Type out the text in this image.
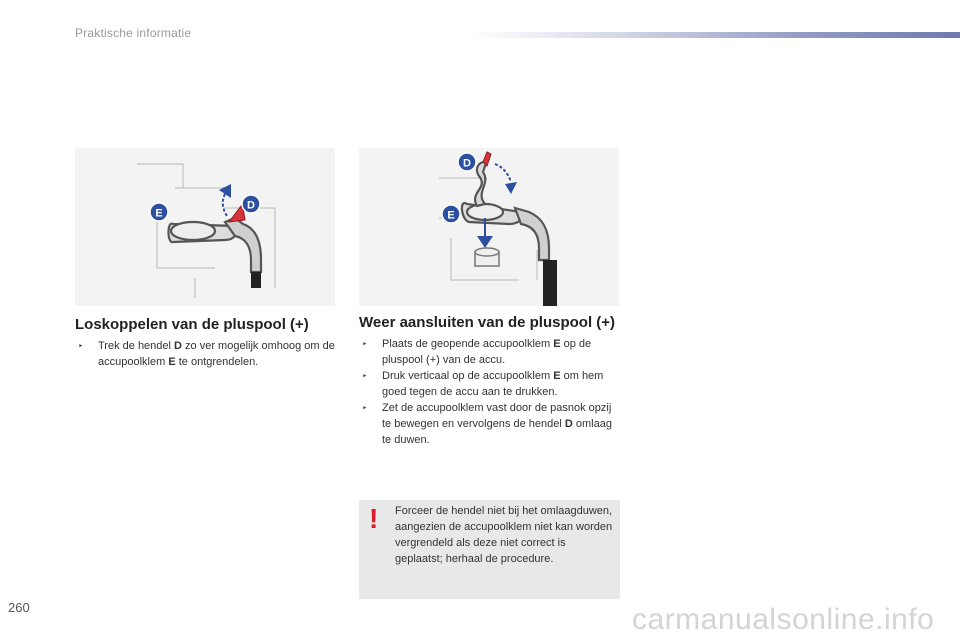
Praktische informatie
E
D
D
E
Loskoppelen van de pluspool (+)	Weer aansluiten van de pluspool (+)
‣ Trek de hendel D zo ver mogelijk omhoog om de accupoolklem E te ontgrendelen.
‣ Plaats de geopende accupoolklem E op de pluspool (+) van de accu.
‣ Druk verticaal op de accupoolklem E om hem goed tegen de accu aan te drukken.
‣ Zet de accupoolklem vast door de pasnok opzij te bewegen en vervolgens de hendel D omlaag te duwen.
! Forceer de hendel niet bij het omlaagduwen, aangezien de accupoolklem niet kan worden vergrendeld als deze niet correct is geplaatst; herhaal de procedure.
260	carmanualsonline.info
